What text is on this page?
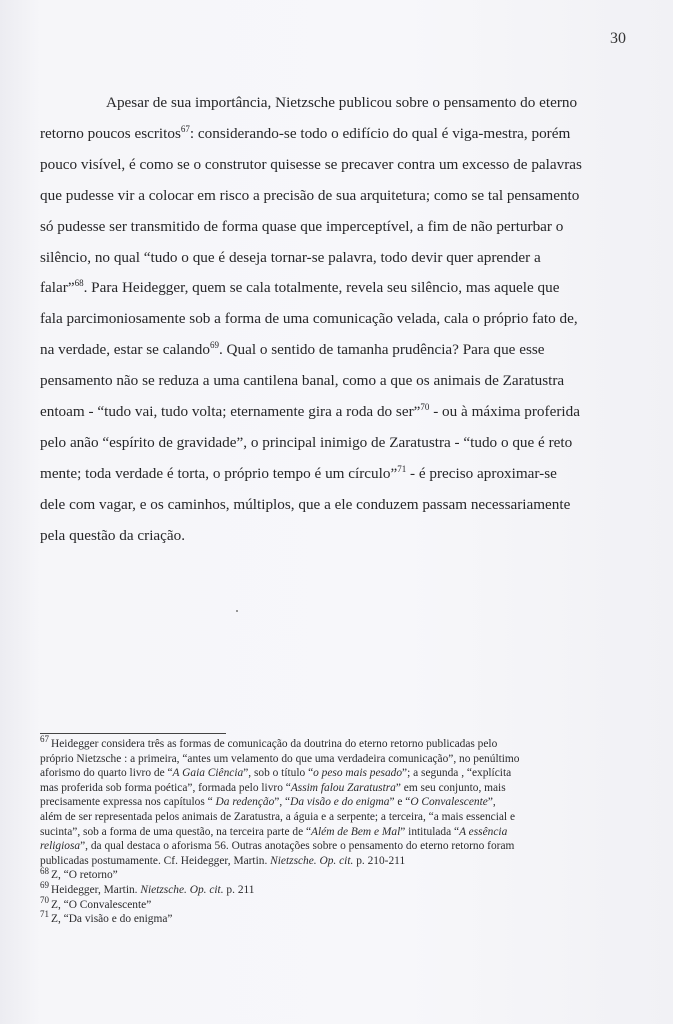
30
Apesar de sua importância, Nietzsche publicou sobre o pensamento do eterno
retorno poucos escritos$^{67}$: considerando-se todo o edifício do qual é viga-mestra, porém
pouco visível, é como se o construtor quisesse se precaver contra um excesso de palavras
que pudesse vir a colocar em risco a precisão de sua arquitetura; como se tal pensamento
só pudesse ser transmitido de forma quase que imperceptível, a fim de não perturbar o
silêncio, no qual “tudo o que é deseja tornar-se palavra, todo devir quer aprender a
falar”$^{68}$. Para Heidegger, quem se cala totalmente, revela seu silêncio, mas aquele que
fala parcimoniosamente sob a forma de uma comunicação velada, cala o próprio fato de,
na verdade, estar se calando$^{69}$. Qual o sentido de tamanha prudência? Para que esse
pensamento não se reduza a uma cantilena banal, como a que os animais de Zaratustra
entoam - “tudo vai, tudo volta; eternamente gira a roda do ser”$^{70}$ - ou à máxima proferida
pelo anão “espírito de gravidade”, o principal inimigo de Zaratustra - “tudo o que é reto
mente; toda verdade é torta, o próprio tempo é um círculo”$^{71}$ - é preciso aproximar-se
dele com vagar, e os caminhos, múltiplos, que a ele conduzem passam necessariamente
pela questão da criação.
$^{67}$ Heidegger considera três as formas de comunicação da doutrina do eterno retorno publicadas pelo
próprio Nietzsche : a primeira, “antes um velamento do que uma verdadeira comunicação”, no penúltimo
aforismo do quarto livro de “A Gaia Ciência”, sob o título “o peso mais pesado”; a segunda , “explícita
mas proferida sob forma poética”, formada pelo livro “Assim falou Zaratustra” em seu conjunto, mais
precisamente expressa nos capítulos “ Da redenção”, “Da visão e do enigma” e “O Convalescente”,
além de ser representada pelos animais de Zaratustra, a águia e a serpente; a terceira, “a mais essencial e
sucinta”, sob a forma de uma questão, na terceira parte de “Além de Bem e Mal” intitulada “A essência
religiosa”, da qual destaca o aforisma 56. Outras anotações sobre o pensamento do eterno retorno foram
publicadas postumamente. Cf. Heidegger, Martin. Nietzsche. Op. cit. p. 210-211
$^{68}$ Z, “O retorno”
$^{69}$ Heidegger, Martin. Nietzsche. Op. cit. p. 211
$^{70}$ Z, “O Convalescente”
$^{71}$ Z, “Da visão e do enigma”
